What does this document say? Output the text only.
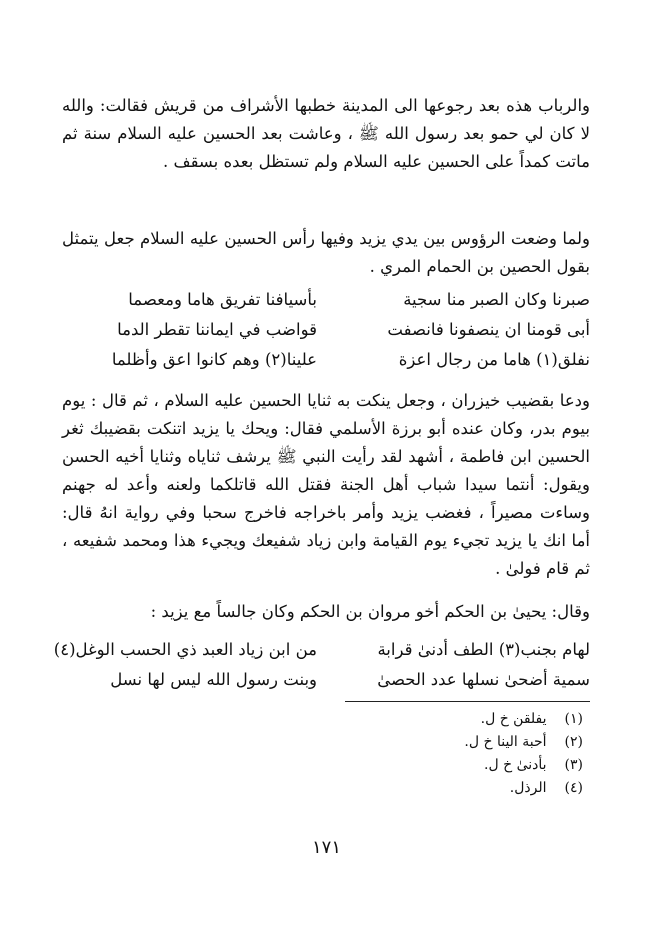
والرباب هذه بعد رجوعها الى المدينة خطبها الأشراف من قريش فقالت: والله لا كان لي حمو بعد رسول الله ﷺ ، وعاشت بعد الحسين عليه السلام سنة ثم ماتت كمداً على الحسين عليه السلام ولم تستظل بعده بسقف .

ولما وضعت الرؤوس بين يدي يزيد وفيها رأس الحسين عليه السلام جعل يتمثل بقول الحصين بن الحمام المري .

صبرنا وكان الصبر منا سجية
بأسيافنا تفريق هاما ومعصما
أبى قومنا ان ينصفونا فانصفت
قواضب في ايماننا تقطر الدما
نفلق(١) هاما من رجال اعزة
علينا(٢) وهم كانوا اعق وأظلما

ودعا بقضيب خيزران ، وجعل ينكت به ثنايا الحسين عليه السلام ، ثم قال : يوم بيوم بدر، وكان عنده أبو برزة الأسلمي فقال: ويحك يا يزيد اتنكت بقضيبك ثغر الحسين ابن فاطمة ، أشهد لقد رأيت النبي ﷺ يرشف ثناياه وثنايا أخيه الحسن ويقول: أنتما سيدا شباب أهل الجنة فقتل الله قاتلكما ولعنه وأعد له جهنم وساءت مصيراً ، فغضب يزيد وأمر باخراجه فاخرج سحبا وفي رواية انهُ قال: أما انك يا يزيد تجيء يوم القيامة وابن زياد شفيعك ويجيء هذا ومحمد شفيعه ، ثم قام فولىٰ .

وقال: يحيىٰ بن الحكم أخو مروان بن الحكم وكان جالساً مع يزيد :

لهام بجنب(٣) الطف أدنىٰ قرابة
من ابن زياد العبد ذي الحسب الوغل(٤)
سمية أضحىٰ نسلها عدد الحصىٰ
وبنت رسول الله ليس لها نسل
(١) يفلقن خ ل.
(٢) أحبة الينا خ ل.
(٣) بأدنىٰ خ ل.
(٤) الرذل.
١٧١
